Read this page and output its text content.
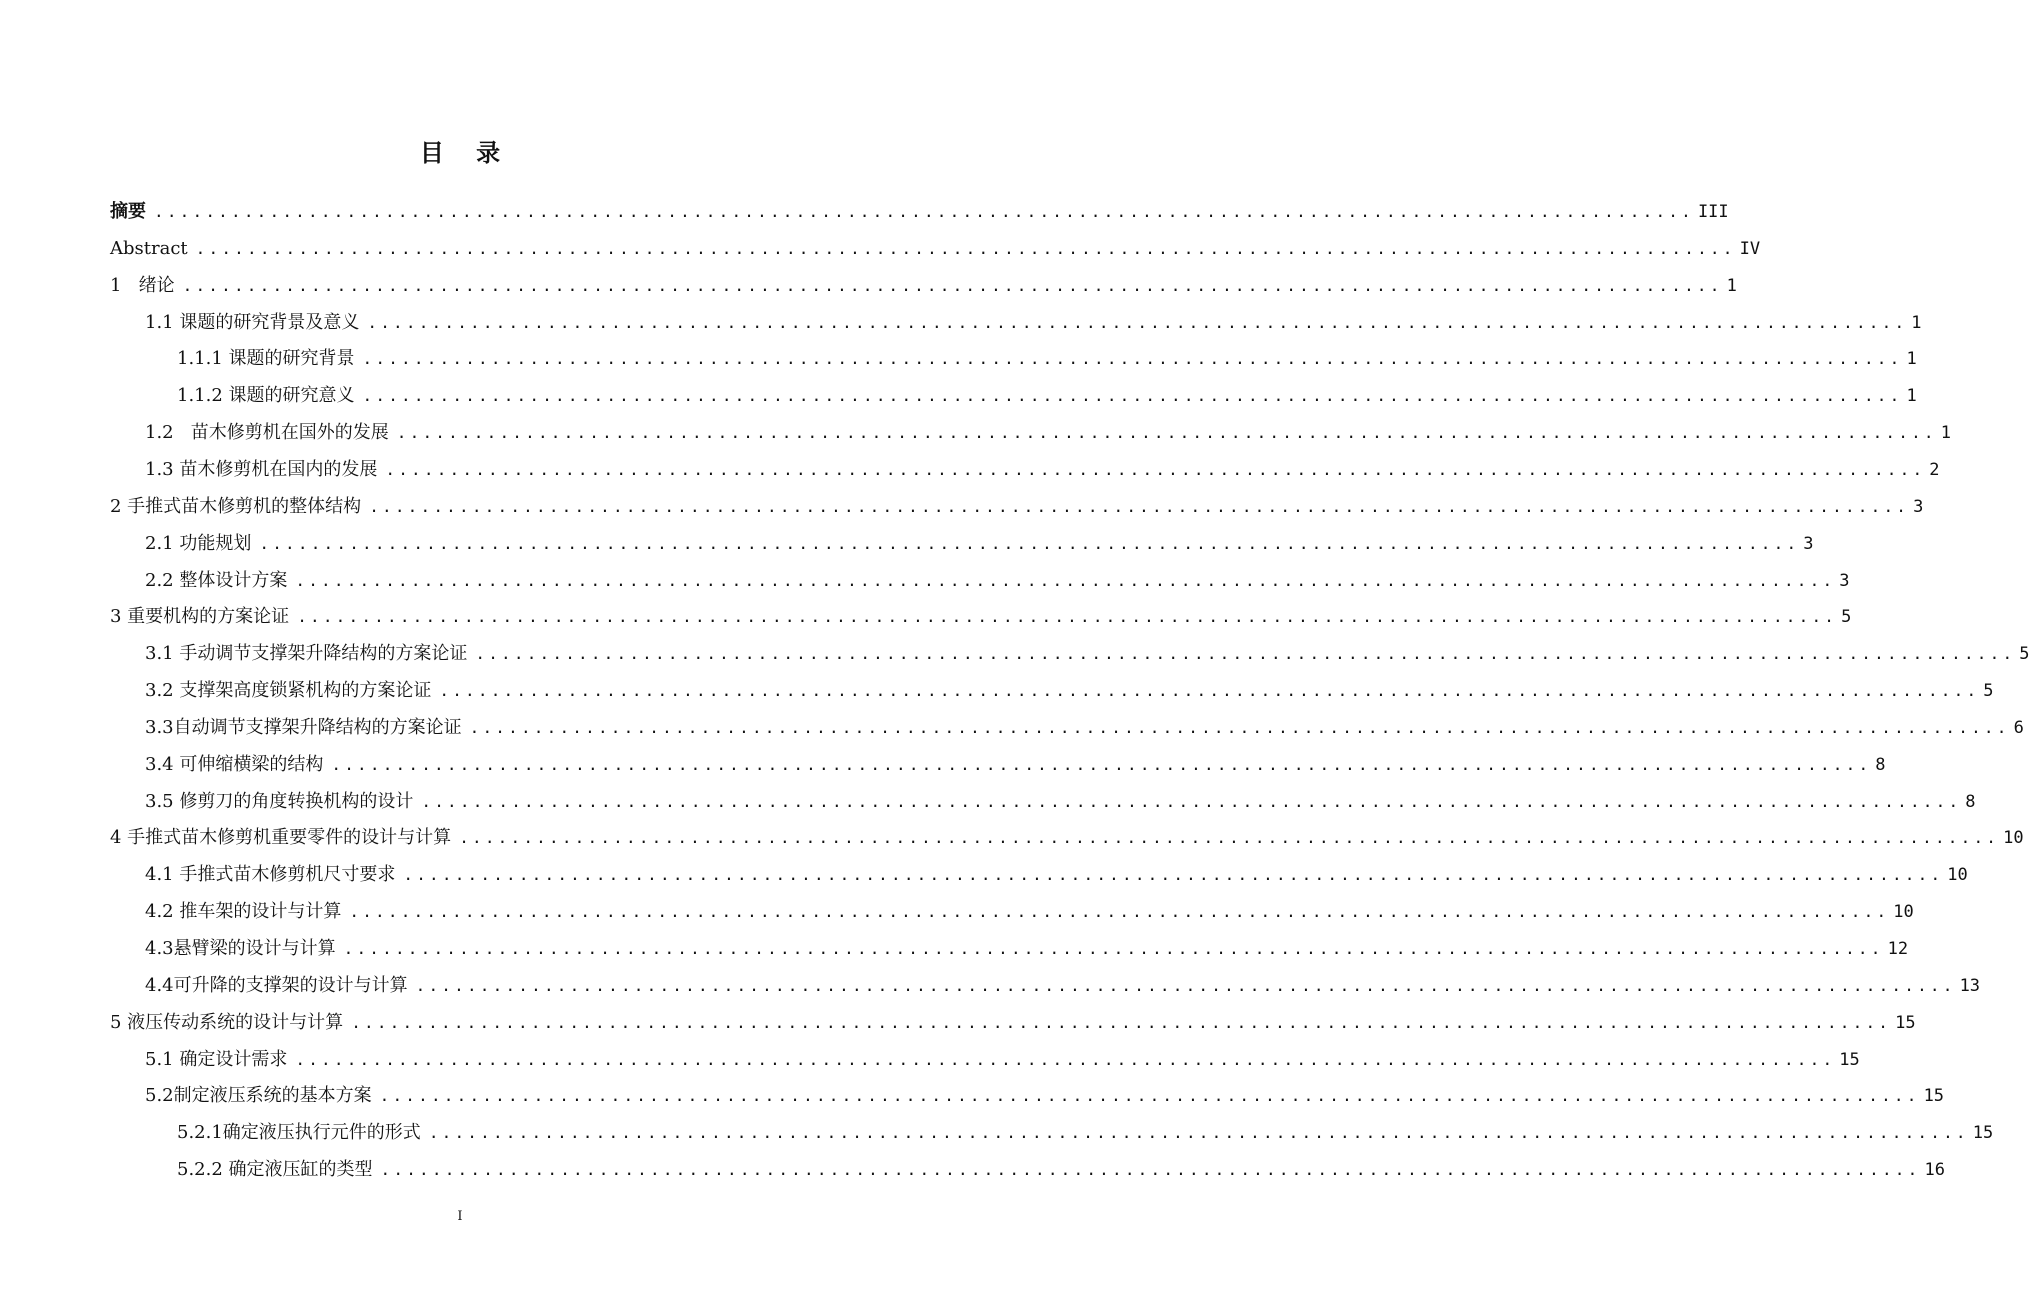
目 录
摘要 ........................................................................................................................ III
Abstract ........................................................................................................................ IV
1   绪论 ........................................................................................................................ 1
1.1 课题的研究背景及意义 ........................................................................................................................ 1
1.1.1 课题的研究背景 ........................................................................................................................ 1
1.1.2 课题的研究意义 ........................................................................................................................ 1
1.2   苗木修剪机在国外的发展 ........................................................................................................................ 1
1.3 苗木修剪机在国内的发展 ........................................................................................................................ 2
2 手推式苗木修剪机的整体结构 ........................................................................................................................ 3
2.1 功能规划 ........................................................................................................................ 3
2.2 整体设计方案 ........................................................................................................................ 3
3 重要机构的方案论证 ........................................................................................................................ 5
3.1 手动调节支撑架升降结构的方案论证 ........................................................................................................................ 5
3.2 支撑架高度锁紧机构的方案论证 ........................................................................................................................ 5
3.3自动调节支撑架升降结构的方案论证 ........................................................................................................................ 6
3.4 可伸缩横梁的结构 ........................................................................................................................ 8
3.5 修剪刀的角度转换机构的设计 ........................................................................................................................ 8
4 手推式苗木修剪机重要零件的设计与计算 ........................................................................................................................ 10
4.1 手推式苗木修剪机尺寸要求 ........................................................................................................................ 10
4.2 推车架的设计与计算 ........................................................................................................................ 10
4.3悬臂梁的设计与计算 ........................................................................................................................ 12
4.4可升降的支撑架的设计与计算 ........................................................................................................................ 13
5 液压传动系统的设计与计算 ........................................................................................................................ 15
5.1 确定设计需求 ........................................................................................................................ 15
5.2制定液压系统的基本方案 ........................................................................................................................ 15
5.2.1确定液压执行元件的形式 ........................................................................................................................ 15
5.2.2 确定液压缸的类型 ........................................................................................................................ 16
I
